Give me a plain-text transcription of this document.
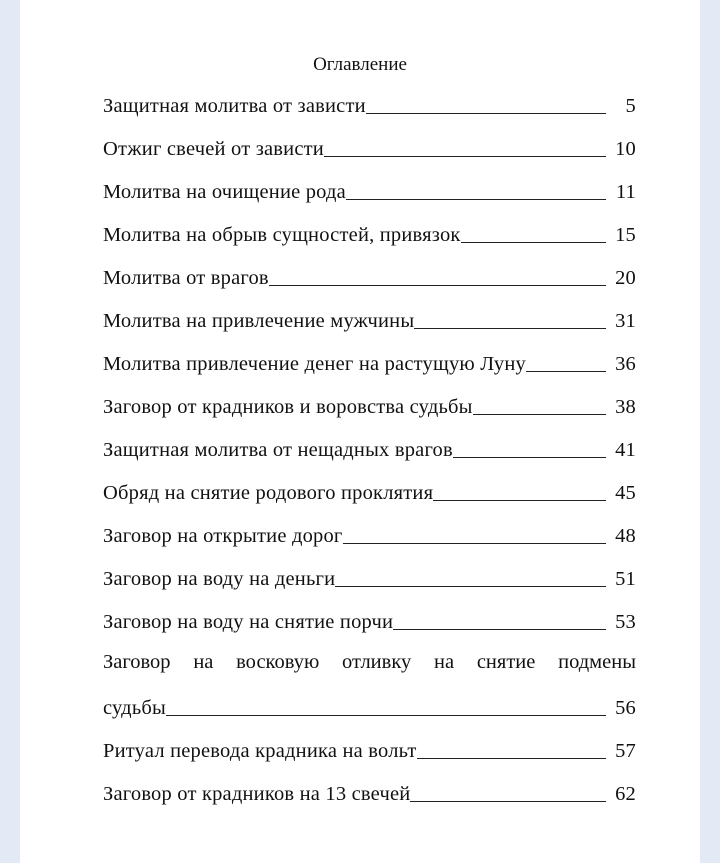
Оглавление
Защитная молитва от зависти	5
Отжиг свечей от зависти	10
Молитва на очищение рода	11
Молитва на обрыв сущностей, привязок	15
Молитва от врагов	20
Молитва на привлечение мужчины	31
Молитва привлечение денег на растущую Луну	36
Заговор от крадников и воровства судьбы	38
Защитная молитва от нещадных врагов	41
Обряд на снятие родового проклятия	45
Заговор на открытие дорог	48
Заговор на воду на деньги	51
Заговор на воду на снятие порчи	53
Заговор на восковую отливку на снятие подмены
судьбы	56
Ритуал перевода крадника на вольт	57
Заговор от крадников на 13 свечей	62
